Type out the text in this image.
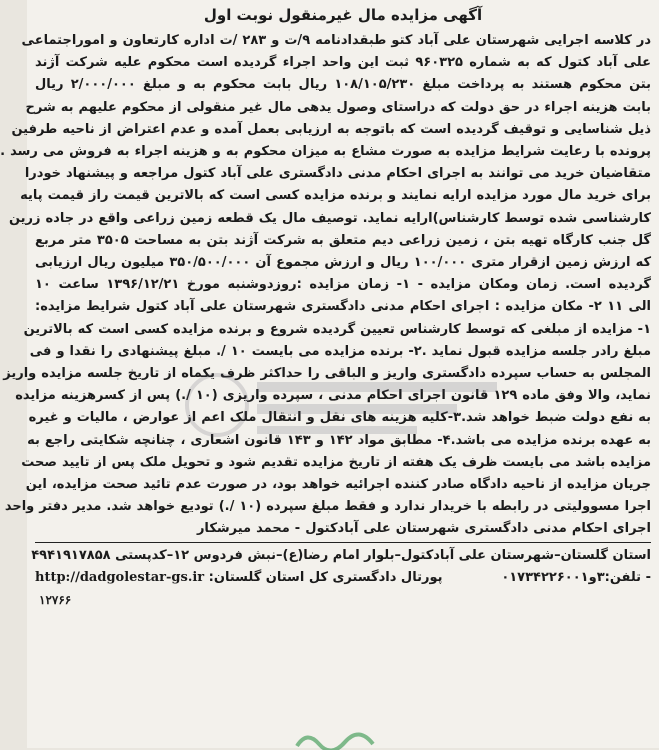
آگهی مزایده مال غیرمنقول نوبت اول
در کلاسه اجرایی شهرستان علی آباد کتو طبقدادنامه ۹/ت و ۲۸۳ /ت اداره کارتعاون و اموراجتماعی
علی آباد کتول که به شماره ۹۶۰۳۲۵ ثبت این واحد اجراء گردیده است محکوم علیه شرکت آژند
بتن محکوم هستند به پرداخت مبلغ ۱۰۸/۱۰۵/۲۳۰ ریال بابت محکوم به و مبلغ ۲/۰۰۰/۰۰۰ ریال
بابت هزینه اجراء در حق دولت که دراستای وصول یدهی مال غیر منقولی از محکوم علیهم به شرح
ذیل شناسایی و توقیف گردیده است که باتوجه به ارزیابی بعمل آمده و عدم اعتراض از ناحیه طرفین
پرونده با رعایت شرایط مزایده به صورت مشاع به میزان محکوم به و هزینه اجراء به فروش می رسد .
متقاضیان خرید می توانند به اجرای احکام مدنی دادگستری علی آباد کتول مراجعه و پیشنهاد خودرا
برای خرید مال مورد مزایده ارایه نمایند و برنده مزایده کسی است که بالاترین قیمت راز قیمت پایه
کارشناسی شده توسط کارشناس)ارایه نماید. توصیف مال یک قطعه زمین زراعی واقع در جاده زرین
گل جنب کارگاه تهیه بتن ، زمین زراعی دیم متعلق به شرکت آژند بتن به مساحت ۳۵۰۵ متر مربع
که ارزش زمین ازقرار متری ۱۰۰/۰۰۰ ریال و ارزش مجموع آن ۳۵۰/۵۰۰/۰۰۰ میلیون ریال ارزیابی
گردیده است. زمان ومکان مزایده - ۱- زمان مزایده :روزدوشنبه مورخ ۱۳۹۶/۱۲/۲۱ ساعت ۱۰
الی ۱۱ ۲- مکان مزایده : اجرای احکام مدنی دادگستری شهرستان علی آباد کتول شرایط مزایده:
۱- مزایده از مبلغی که توسط کارشناس تعیین گردیده شروع و برنده مزایده کسی است که بالاترین
مبلغ رادر جلسه مزایده قبول نماید .۲- برنده مزایده می بایست ۱۰ /. مبلغ پیشنهادی را نقدا و فی
المجلس به حساب سپرده دادگستری واریز و الباقی را حداکثر ظرف یکماه از تاریخ جلسه مزایده واریز
نماید، والا وفق ماده ۱۲۹ قانون اجرای احکام مدنی ، سپرده واریزی (۱۰ /.) پس از کسرهزینه مزایده
به نفع دولت ضبط خواهد شد.۳-کلیه هزینه های نقل و انتقال ملک اعم از عوارض ، مالیات و غیره
به عهده برنده مزایده می باشد.۴- مطابق مواد ۱۴۲ و ۱۴۳ قانون اشعاری ، چنانچه شکایتی راجع به
مزایده باشد می بایست ظرف یک هفته از تاریخ مزایده تقدیم شود و تحویل ملک پس از تایید صحت
جریان مزایده از ناحیه دادگاه صادر کننده اجرائیه خواهد بود، در صورت عدم تائید صحت مزایده، این
اجرا مسوولیتی در رابطه با خریدار ندارد و فقط مبلغ سپرده (۱۰ /.) تودیع خواهد شد. مدیر دفتر واحد
اجرای احکام مدنی دادگستری شهرستان علی آبادکتول - محمد میرشکار
استان گلستان–شهرستان علی آبادکتول–بلوار امام رضا(ع)–نبش فردوس ۱۲–کدپستی ۴۹۴۱۹۱۷۸۵۸
- تلفن:۳و۰۱۷۳۴۲۲۶۰۰۱
پورتال دادگستری کل استان گلستان: http://dadgolestar-gs.ir
۱۲۷۶۶
